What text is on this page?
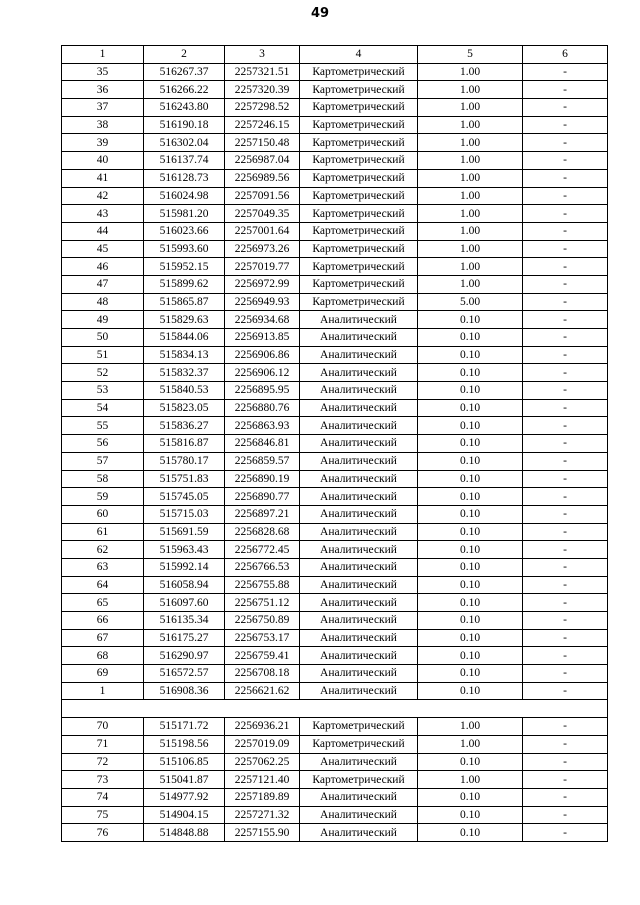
49
1	2	3	4	5	6
35	516267.37	2257321.51	Картометрический	1.00	-
36	516266.22	2257320.39	Картометрический	1.00	-
37	516243.80	2257298.52	Картометрический	1.00	-
38	516190.18	2257246.15	Картометрический	1.00	-
39	516302.04	2257150.48	Картометрический	1.00	-
40	516137.74	2256987.04	Картометрический	1.00	-
41	516128.73	2256989.56	Картометрический	1.00	-
42	516024.98	2257091.56	Картометрический	1.00	-
43	515981.20	2257049.35	Картометрический	1.00	-
44	516023.66	2257001.64	Картометрический	1.00	-
45	515993.60	2256973.26	Картометрический	1.00	-
46	515952.15	2257019.77	Картометрический	1.00	-
47	515899.62	2256972.99	Картометрический	1.00	-
48	515865.87	2256949.93	Картометрический	5.00	-
49	515829.63	2256934.68	Аналитический	0.10	-
50	515844.06	2256913.85	Аналитический	0.10	-
51	515834.13	2256906.86	Аналитический	0.10	-
52	515832.37	2256906.12	Аналитический	0.10	-
53	515840.53	2256895.95	Аналитический	0.10	-
54	515823.05	2256880.76	Аналитический	0.10	-
55	515836.27	2256863.93	Аналитический	0.10	-
56	515816.87	2256846.81	Аналитический	0.10	-
57	515780.17	2256859.57	Аналитический	0.10	-
58	515751.83	2256890.19	Аналитический	0.10	-
59	515745.05	2256890.77	Аналитический	0.10	-
60	515715.03	2256897.21	Аналитический	0.10	-
61	515691.59	2256828.68	Аналитический	0.10	-
62	515963.43	2256772.45	Аналитический	0.10	-
63	515992.14	2256766.53	Аналитический	0.10	-
64	516058.94	2256755.88	Аналитический	0.10	-
65	516097.60	2256751.12	Аналитический	0.10	-
66	516135.34	2256750.89	Аналитический	0.10	-
67	516175.27	2256753.17	Аналитический	0.10	-
68	516290.97	2256759.41	Аналитический	0.10	-
69	516572.57	2256708.18	Аналитический	0.10	-
1	516908.36	2256621.62	Аналитический	0.10	-

70	515171.72	2256936.21	Картометрический	1.00	-
71	515198.56	2257019.09	Картометрический	1.00	-
72	515106.85	2257062.25	Аналитический	0.10	-
73	515041.87	2257121.40	Картометрический	1.00	-
74	514977.92	2257189.89	Аналитический	0.10	-
75	514904.15	2257271.32	Аналитический	0.10	-
76	514848.88	2257155.90	Аналитический	0.10	-
